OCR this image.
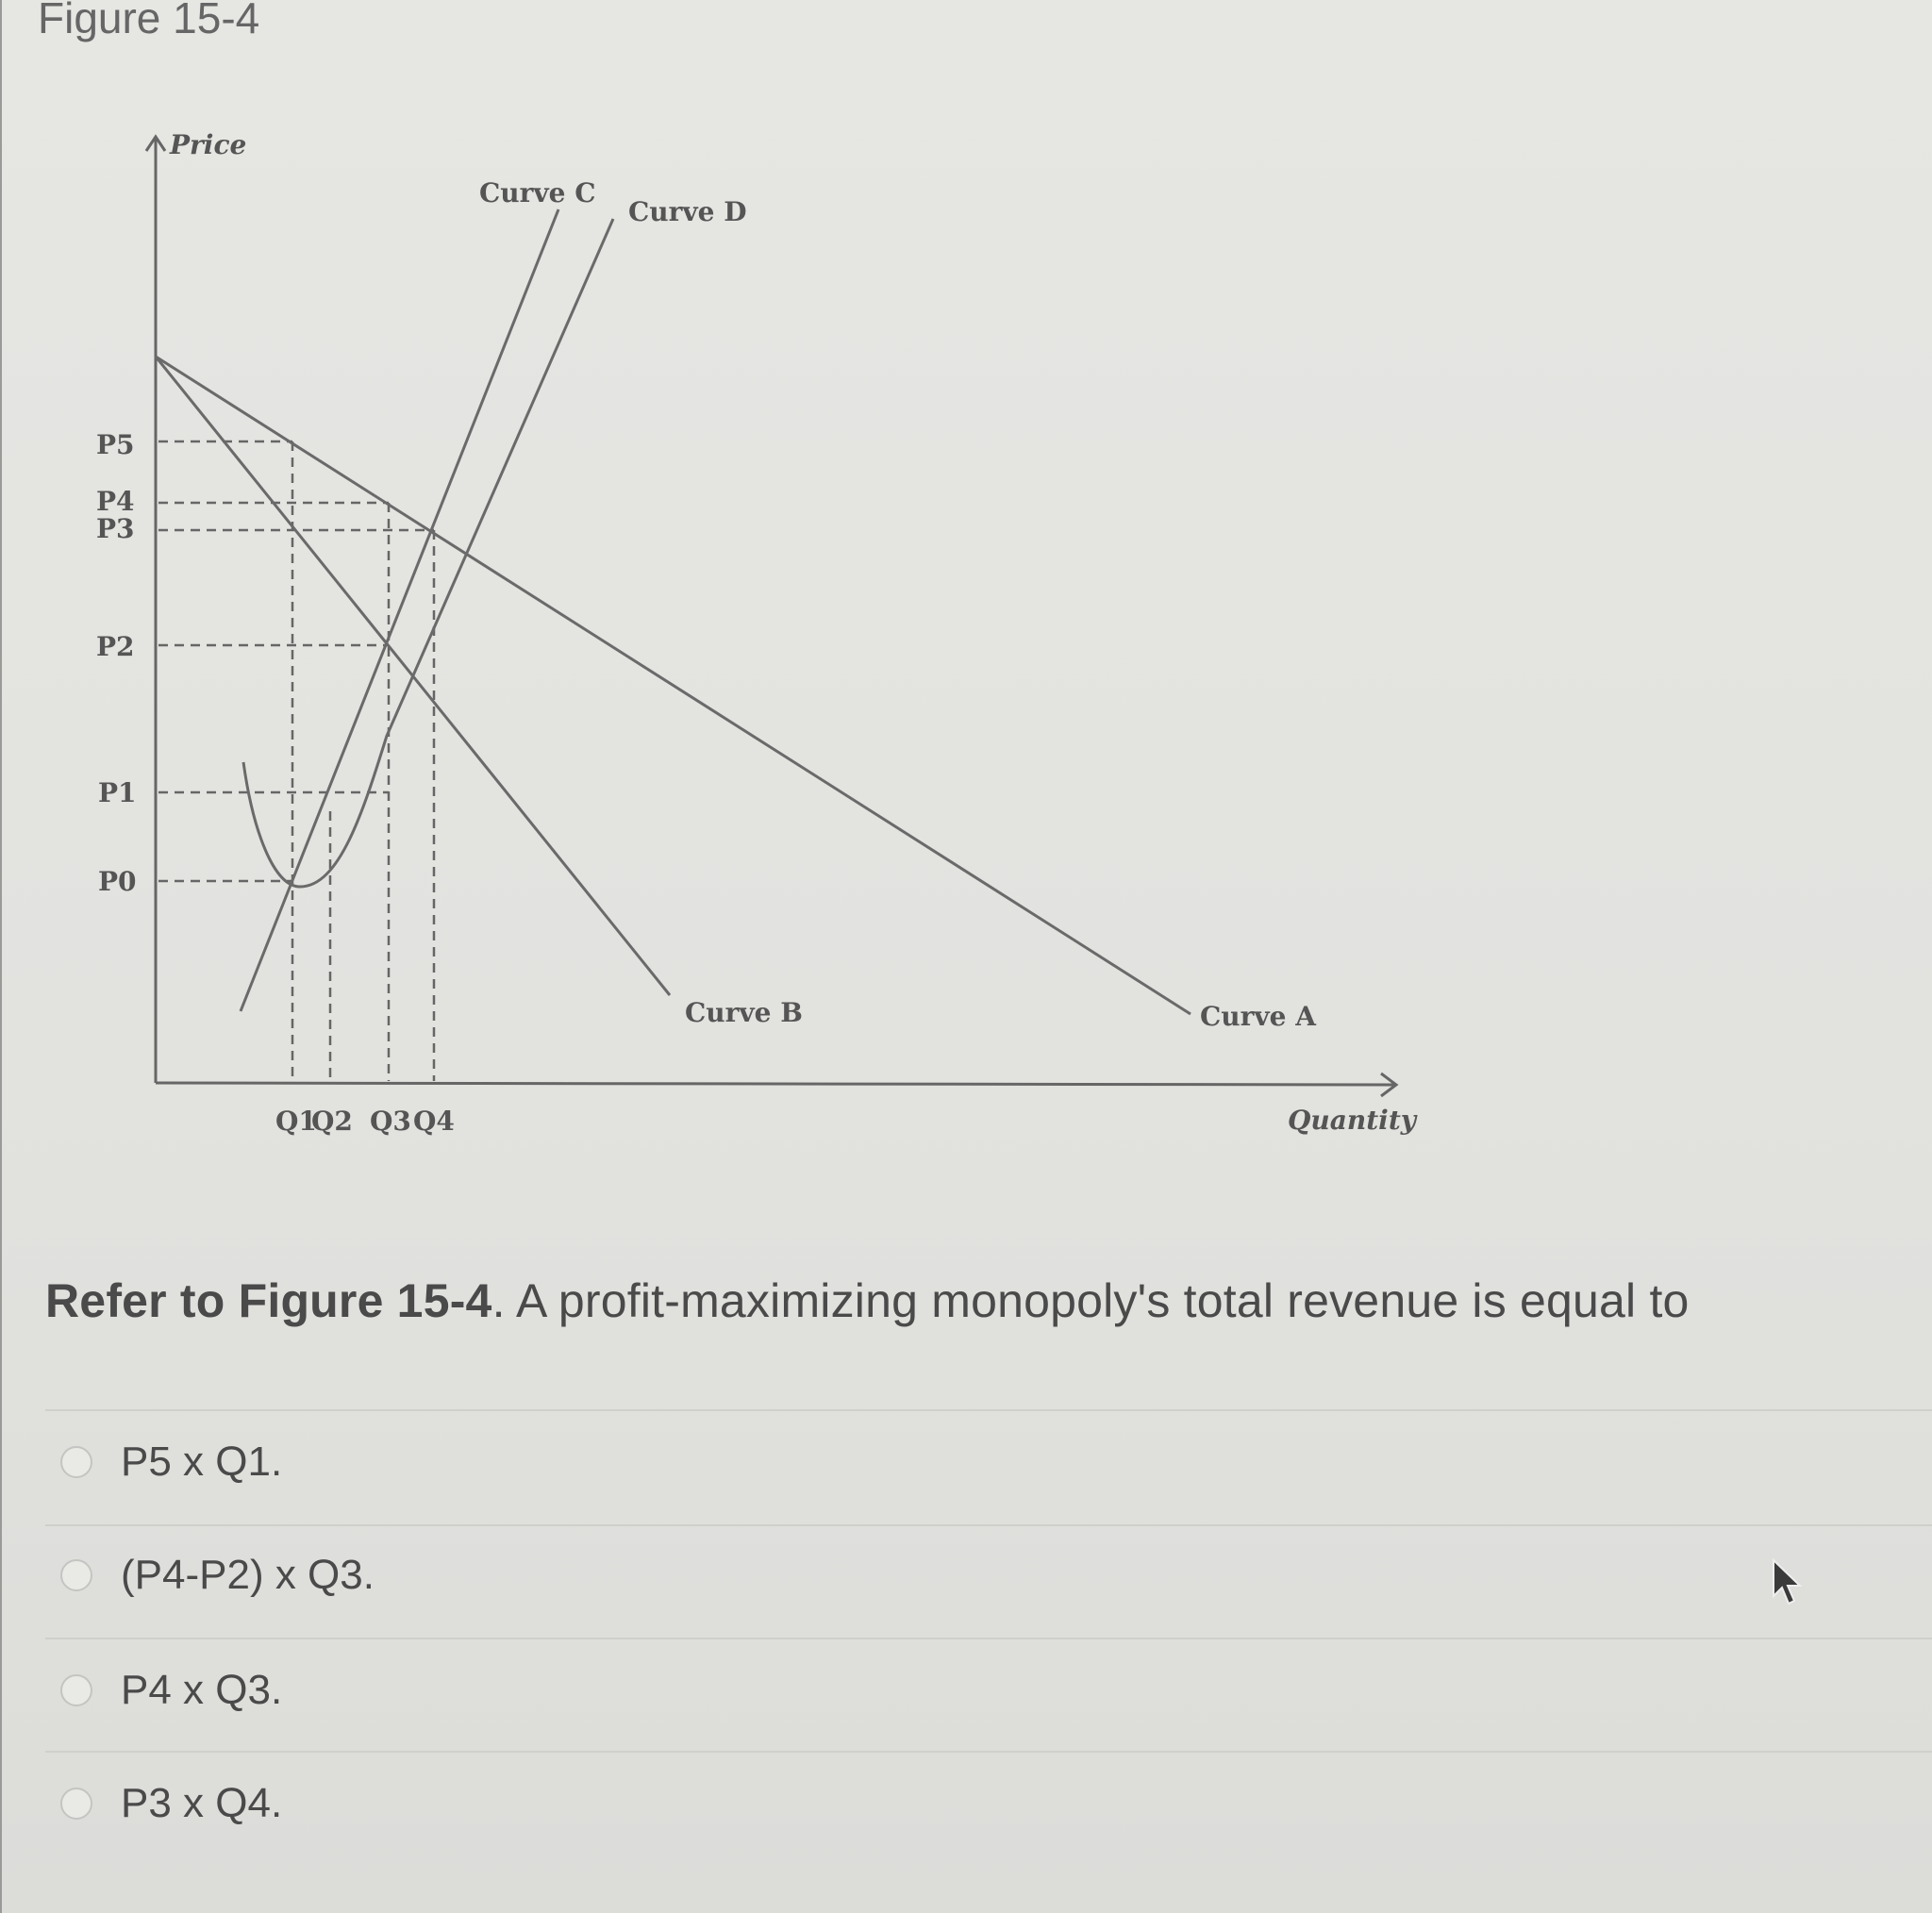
Figure 15-4
P5
P4
P3
P2
P1
P0
Q1
Q2 Q3 Q4
Price
Quantity
Curve C
Curve D
Curve B	Curve A
Refer to Figure 15-4. A profit-maximizing monopoly's total revenue is equal to
P5 x Q1.
(P4-P2) x Q3.
P4 x Q3.
P3 x Q4.
